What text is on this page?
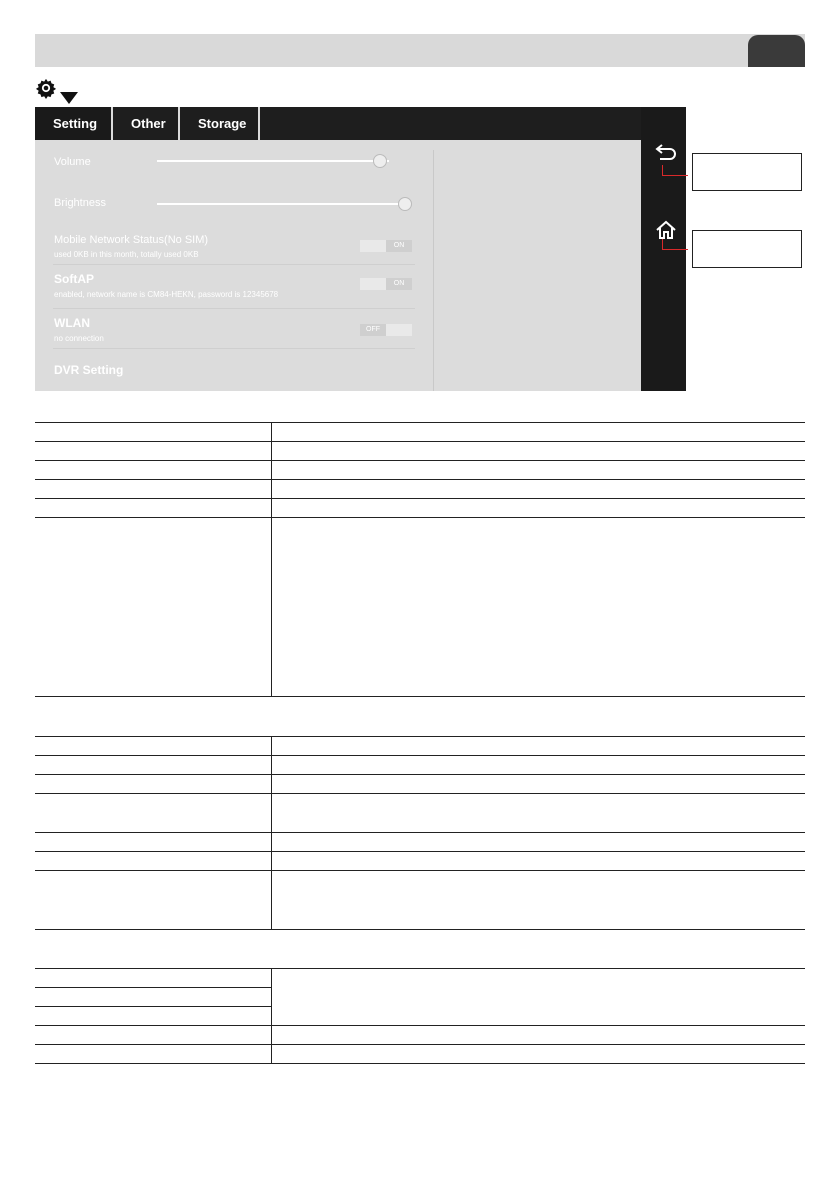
Setting	Other	Storage
Volume
Brightness
Mobile Network Status(No SIM)
used 0KB in this month, totally used 0KB
ON
SoftAP
enabled, network name is CM84-HEKN, password is 12345678
ON
WLAN
no connection
OFF
DVR Setting
